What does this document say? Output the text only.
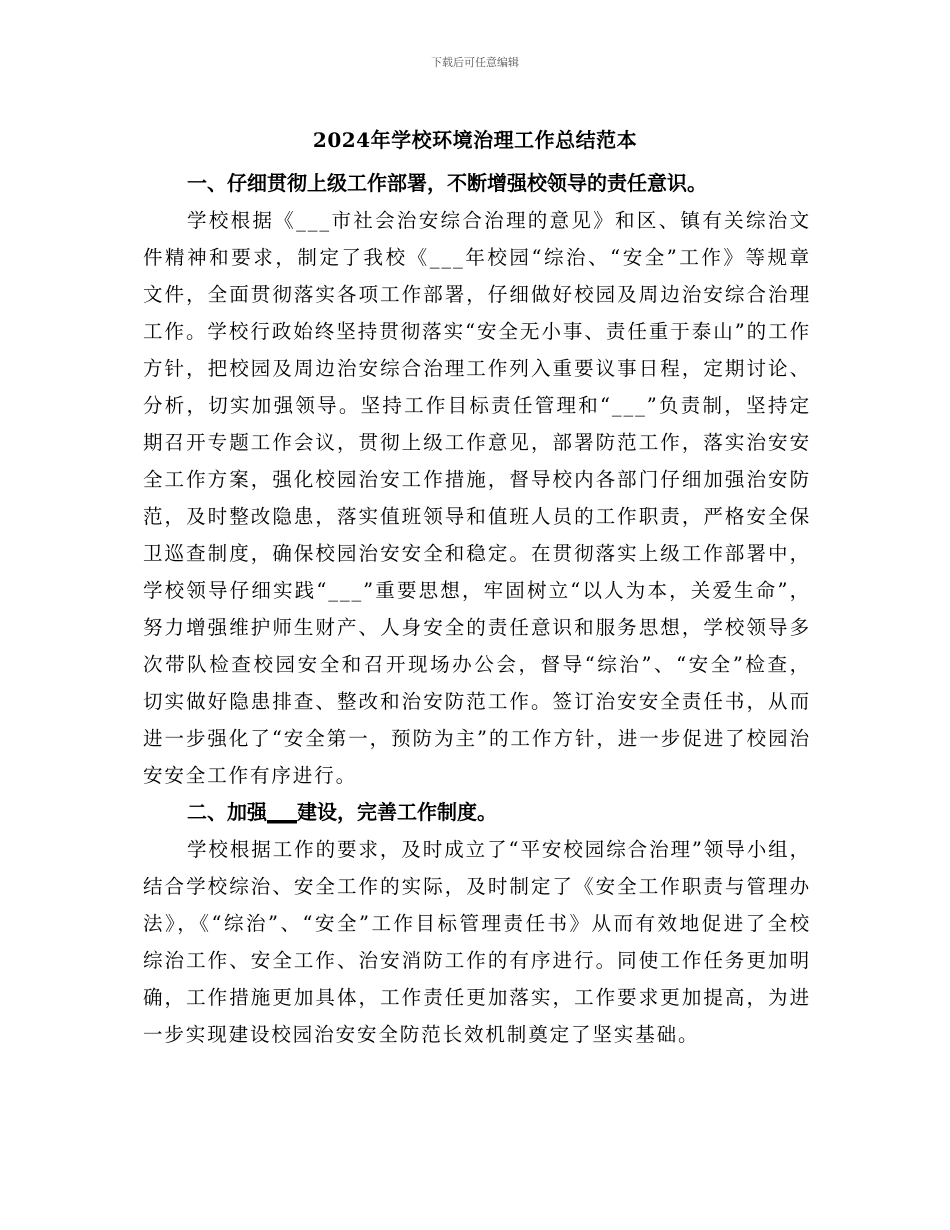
下载后可任意编辑
2024年学校环境治理工作总结范本

一、仔细贯彻上级工作部署，不断增强校领导的责任意识。

学校根据《___市社会治安综合治理的意见》和区、镇有关综治文件精神和要求，制定了我校《___年校园“综治、“安全”工作》等规章文件，全面贯彻落实各项工作部署，仔细做好校园及周边治安综合治理工作。学校行政始终坚持贯彻落实“安全无小事、责任重于泰山”的工作方针，把校园及周边治安综合治理工作列入重要议事日程，定期讨论、分析，切实加强领导。坚持工作目标责任管理和“___”负责制，坚持定期召开专题工作会议，贯彻上级工作意见，部署防范工作，落实治安安全工作方案，强化校园治安工作措施，督导校内各部门仔细加强治安防范，及时整改隐患，落实值班领导和值班人员的工作职责，严格安全保卫巡查制度，确保校园治安安全和稳定。在贯彻落实上级工作部署中，学校领导仔细实践“___”重要思想，牢固树立“以人为本，关爱生命”，努力增强维护师生财产、人身安全的责任意识和服务思想，学校领导多次带队检查校园安全和召开现场办公会，督导“综治”、“安全”检查，切实做好隐患排查、整改和治安防范工作。签订治安安全责任书，从而进一步强化了“安全第一，预防为主”的工作方针，进一步促进了校园治安安全工作有序进行。

二、加强___建设，完善工作制度。

学校根据工作的要求，及时成立了“平安校园综合治理”领导小组，结合学校综治、安全工作的实际，及时制定了《安全工作职责与管理办法》，《“综治”、“安全”工作目标管理责任书》从而有效地促进了全校综治工作、安全工作、治安消防工作的有序进行。同使工作任务更加明确，工作措施更加具体，工作责任更加落实，工作要求更加提高，为进一步实现建设校园治安安全防范长效机制奠定了坚实基础。
